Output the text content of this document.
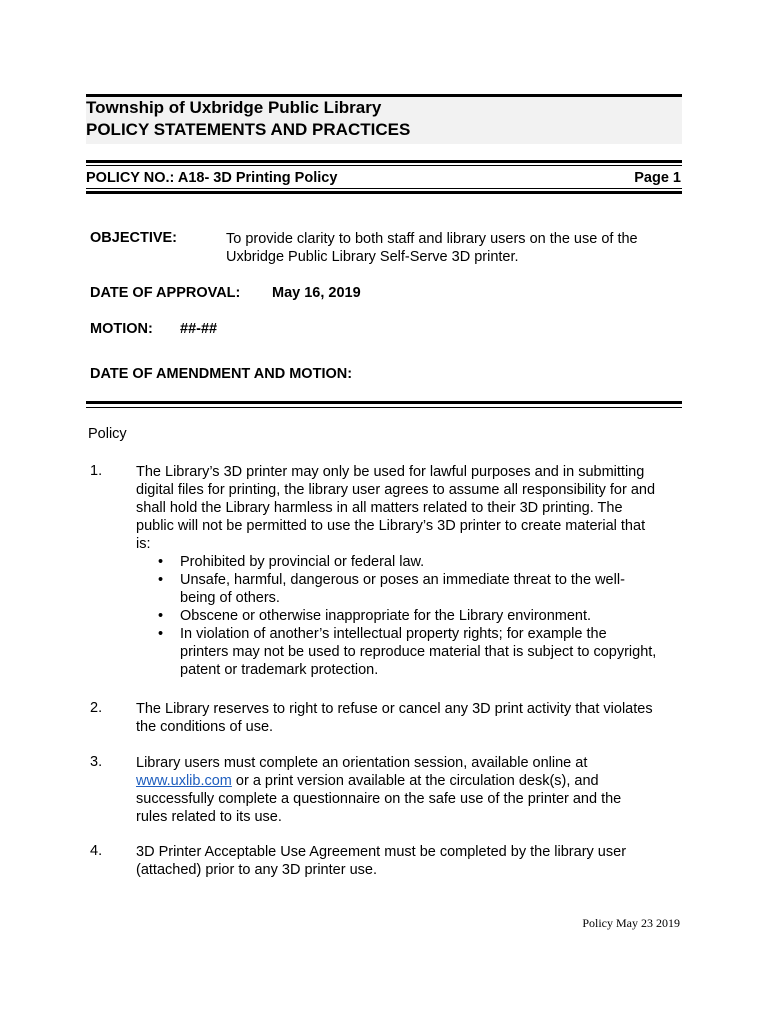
Township of Uxbridge Public Library
POLICY STATEMENTS AND PRACTICES
POLICY NO.: A18- 3D Printing Policy	Page 1
OBJECTIVE:	To provide clarity to both staff and library users on the use of the
Uxbridge Public Library Self-Serve 3D printer.
DATE OF APPROVAL: May 16, 2019
MOTION: ##-##
DATE OF AMENDMENT AND MOTION:
Policy
1. The Library’s 3D printer may only be used for lawful purposes and in submitting
digital files for printing, the library user agrees to assume all responsibility for and
shall hold the Library harmless in all matters related to their 3D printing. The
public will not be permitted to use the Library’s 3D printer to create material that
is:
•	Prohibited by provincial or federal law.
•	Unsafe, harmful, dangerous or poses an immediate threat to the well-
being of others.
•	Obscene or otherwise inappropriate for the Library environment.
•	In violation of another’s intellectual property rights; for example the
printers may not be used to reproduce material that is subject to copyright,
patent or trademark protection.
2. The Library reserves to right to refuse or cancel any 3D print activity that violates
the conditions of use.
3. Library users must complete an orientation session, available online at
www.uxlib.com or a print version available at the circulation desk(s), and
successfully complete a questionnaire on the safe use of the printer and the
rules related to its use.
4. 3D Printer Acceptable Use Agreement must be completed by the library user
(attached) prior to any 3D printer use.
Policy May 23 2019
